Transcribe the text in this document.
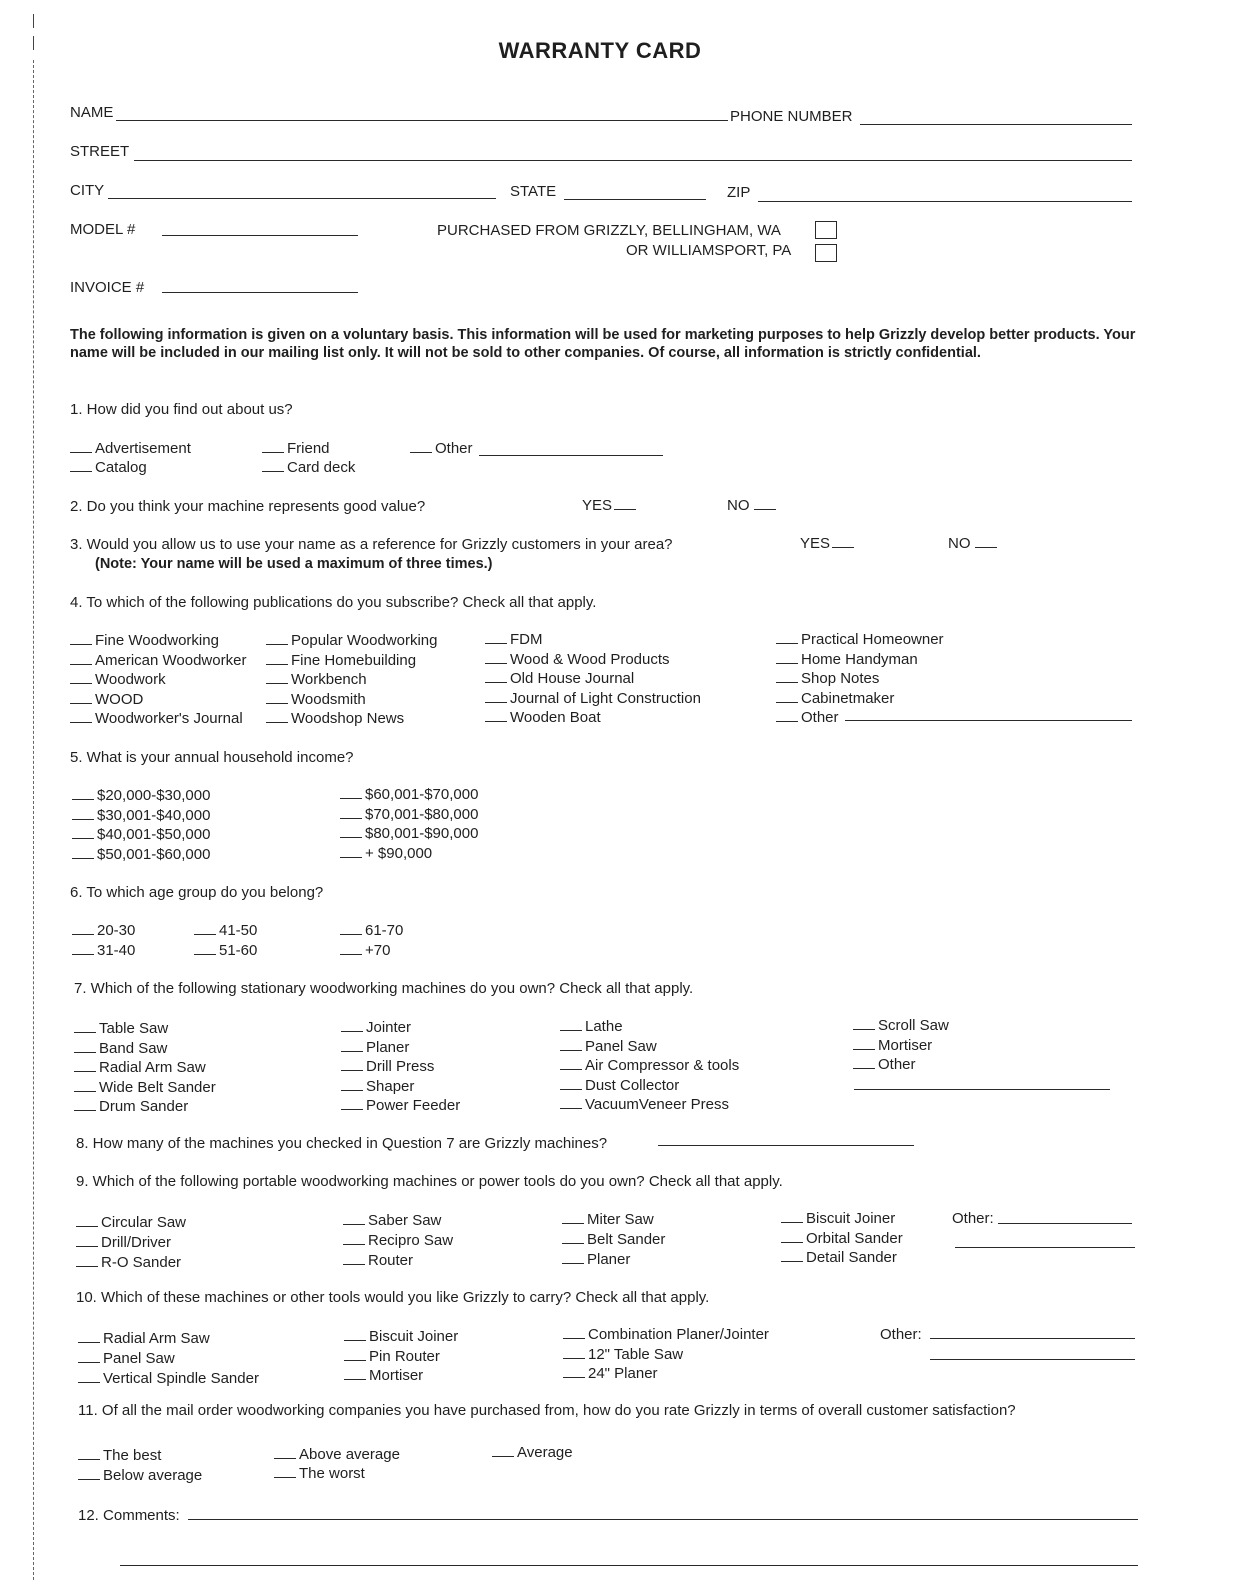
WARRANTY CARD
NAME	PHONE NUMBER
STREET
CITY	STATE	ZIP
MODEL #	PURCHASED FROM GRIZZLY, BELLINGHAM, WA
OR WILLIAMSPORT, PA
INVOICE #
The following information is given on a voluntary basis. This information will be used for marketing purposes to help Grizzly develop better products. Your name will be included in our mailing list only. It will not be sold to other companies. Of course, all information is strictly confidential.
1. How did you find out about us?
Advertisement
Catalog
Friend
Card deck
Other
2. Do you think your machine represents good value?	YES	NO
3. Would you allow us to use your name as a reference for Grizzly customers in your area?
(Note: Your name will be used a maximum of three times.)
YES	NO
4. To which of the following publications do you subscribe? Check all that apply.
Fine Woodworking
American Woodworker
Woodwork
WOOD
Woodworker's Journal
Popular Woodworking
Fine Homebuilding
Workbench
Woodsmith
Woodshop News
FDM
Wood & Wood Products
Old House Journal
Journal of Light Construction
Wooden Boat
Practical Homeowner
Home Handyman
Shop Notes
Cabinetmaker
Other
5. What is your annual household income?
$20,000-$30,000
$30,001-$40,000
$40,001-$50,000
$50,001-$60,000
$60,001-$70,000
$70,001-$80,000
$80,001-$90,000
+ $90,000
6. To which age group do you belong?
20-30
31-40
41-50
51-60
61-70
+70
7. Which of the following stationary woodworking machines do you own? Check all that apply.
Table Saw
Band Saw
Radial Arm Saw
Wide Belt Sander
Drum Sander
Jointer
Planer
Drill Press
Shaper
Power Feeder
Lathe
Panel Saw
Air Compressor & tools
Dust Collector
VacuumVeneer Press
Scroll Saw
Mortiser
Other
8. How many of the machines you checked in Question 7 are Grizzly machines?
9. Which of the following portable woodworking machines or power tools do you own? Check all that apply.
Circular Saw
Drill/Driver
R-O Sander
Saber Saw
Recipro Saw
Router
Miter Saw
Belt Sander
Planer
Biscuit Joiner
Orbital Sander
Detail Sander
Other:
10. Which of these machines or other tools would you like Grizzly to carry? Check all that apply.
Radial Arm Saw
Panel Saw
Vertical Spindle Sander
Biscuit Joiner
Pin Router
Mortiser
Combination Planer/Jointer
12" Table Saw
24" Planer
Other:
11. Of all the mail order woodworking companies you have purchased from, how do you rate Grizzly in terms of overall customer satisfaction?
The best
Below average
Above average
The worst
Average
12. Comments:
